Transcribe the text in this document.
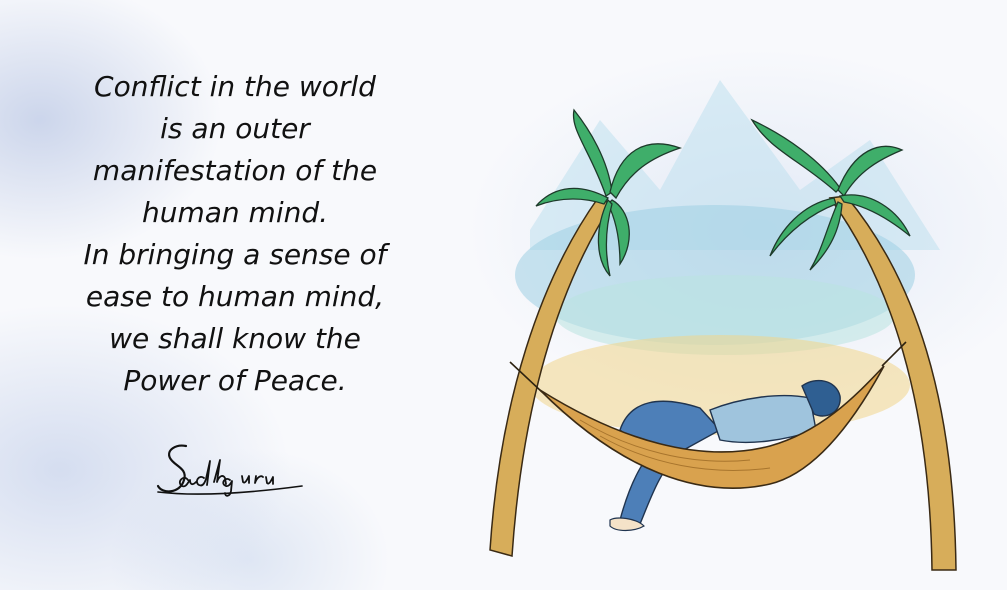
Conflict in the world
is an outer
manifestation of the
human mind.
In bringing a sense of
ease to human mind,
we shall know the
Power of Peace.
